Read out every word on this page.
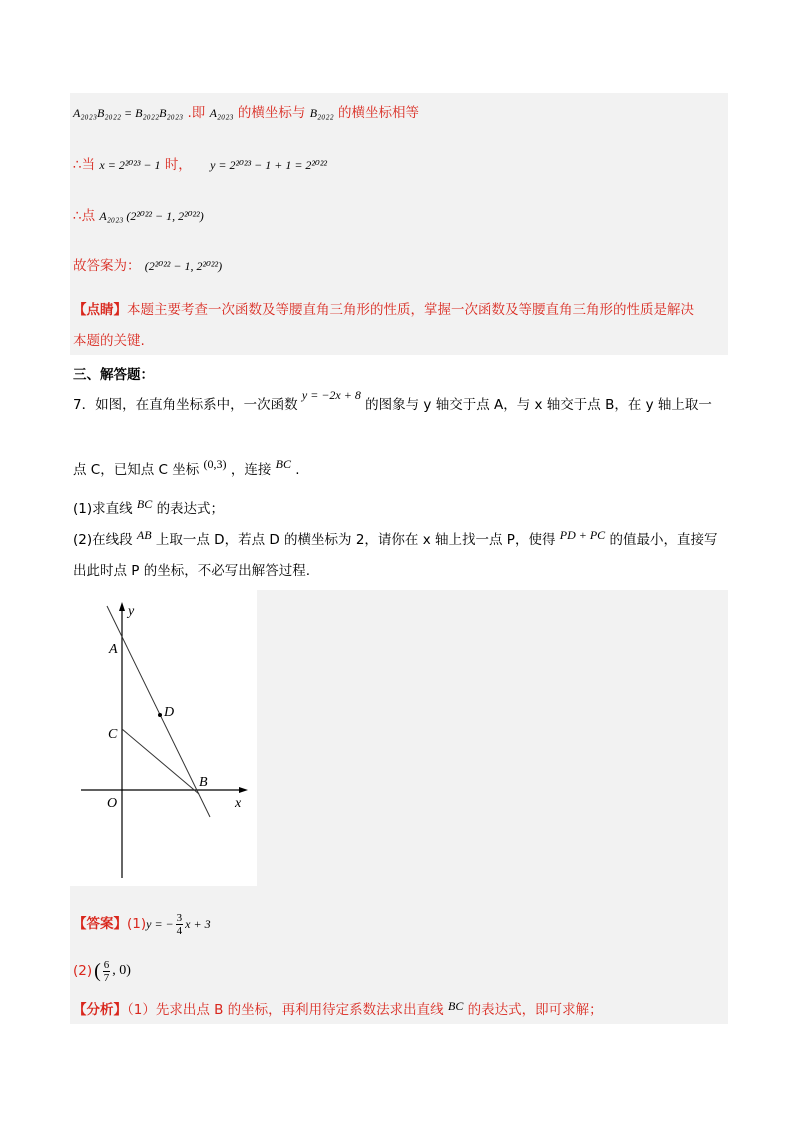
A₂₀₂₃B₂₀₂₂ = B₂₀₂₂B₂₀₂₃ .即 A₂₀₂₃ 的横坐标与 B₂₀₂₂ 的横坐标相等
∴当 x = 2²⁰²³ − 1 时， y = 2²⁰²³ − 1 + 1 = 2²⁰²²
∴点 A₂₀₂₃ (2²⁰²² − 1, 2²⁰²²)
故答案为： (2²⁰²² − 1, 2²⁰²²)
【点睛】本题主要考查一次函数及等腰直角三角形的性质，掌握一次函数及等腰直角三角形的性质是解决
本题的关键.
三、解答题：
7．如图，在直角坐标系中，一次函数 y = −2x + 8 的图象与 y 轴交于点 A，与 x 轴交于点 B，在 y 轴上取一
点 C，已知点 C 坐标 (0,3) ，连接 BC .
(1)求直线 BC 的表达式；
(2)在线段 AB 上取一点 D，若点 D 的横坐标为 2，请你在 x 轴上找一点 P，使得 PD + PC 的值最小，直接写
出此时点 P 的坐标，不必写出解答过程.
y
x
A
C
D
B
O
【答案】 (1) y = − $\frac{3}{4}$ x + 3
(2) ( $\frac{6}{7}$ , 0)
【分析】（1）先求出点 B 的坐标，再利用待定系数法求出直线 BC 的表达式，即可求解；
